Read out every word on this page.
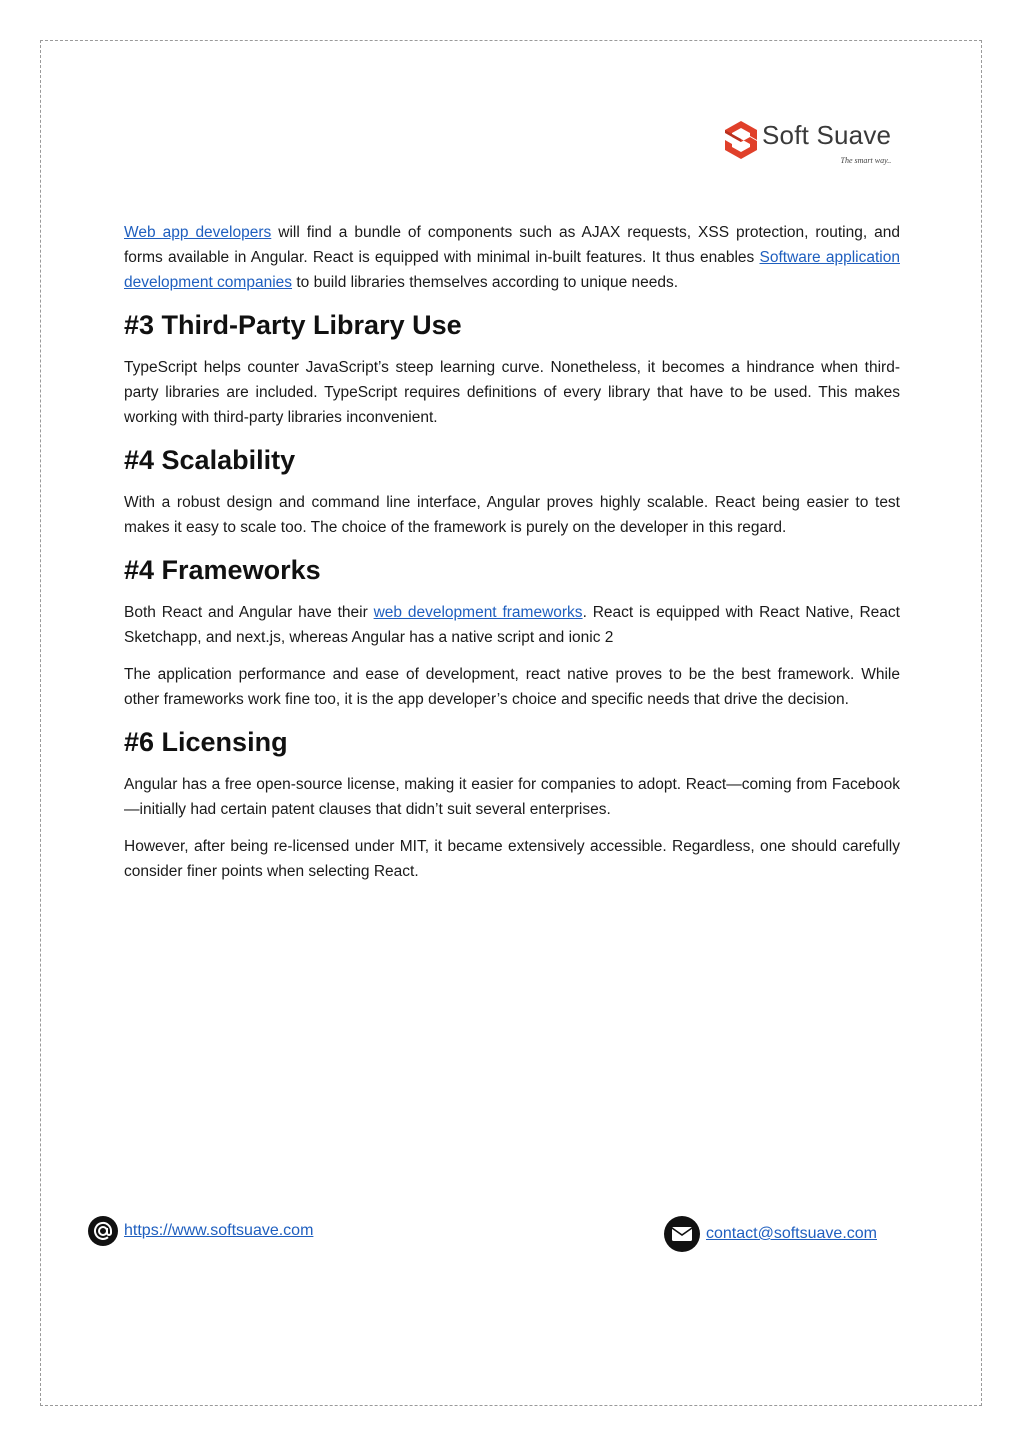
Soft Suave
The smart way..

Web app developers will find a bundle of components such as AJAX requests, XSS protection, routing, and forms available in Angular. React is equipped with minimal in-built features. It thus enables Software application development companies to build libraries themselves according to unique needs.

#3 Third-Party Library Use

TypeScript helps counter JavaScript’s steep learning curve. Nonetheless, it becomes a hindrance when third-party libraries are included. TypeScript requires definitions of every library that have to be used. This makes working with third-party libraries inconvenient.

#4 Scalability

With a robust design and command line interface, Angular proves highly scalable. React being easier to test makes it easy to scale too. The choice of the framework is purely on the developer in this regard.

#4 Frameworks

Both React and Angular have their web development frameworks. React is equipped with React Native, React Sketchapp, and next.js, whereas Angular has a native script and ionic 2

The application performance and ease of development, react native proves to be the best framework. While other frameworks work fine too, it is the app developer’s choice and specific needs that drive the decision.

#6 Licensing

Angular has a free open-source license, making it easier for companies to adopt. React—coming from Facebook—initially had certain patent clauses that didn’t suit several enterprises.

However, after being re-licensed under MIT, it became extensively accessible. Regardless, one should carefully consider finer points when selecting React.

https://www.softsuave.com	contact@softsuave.com
